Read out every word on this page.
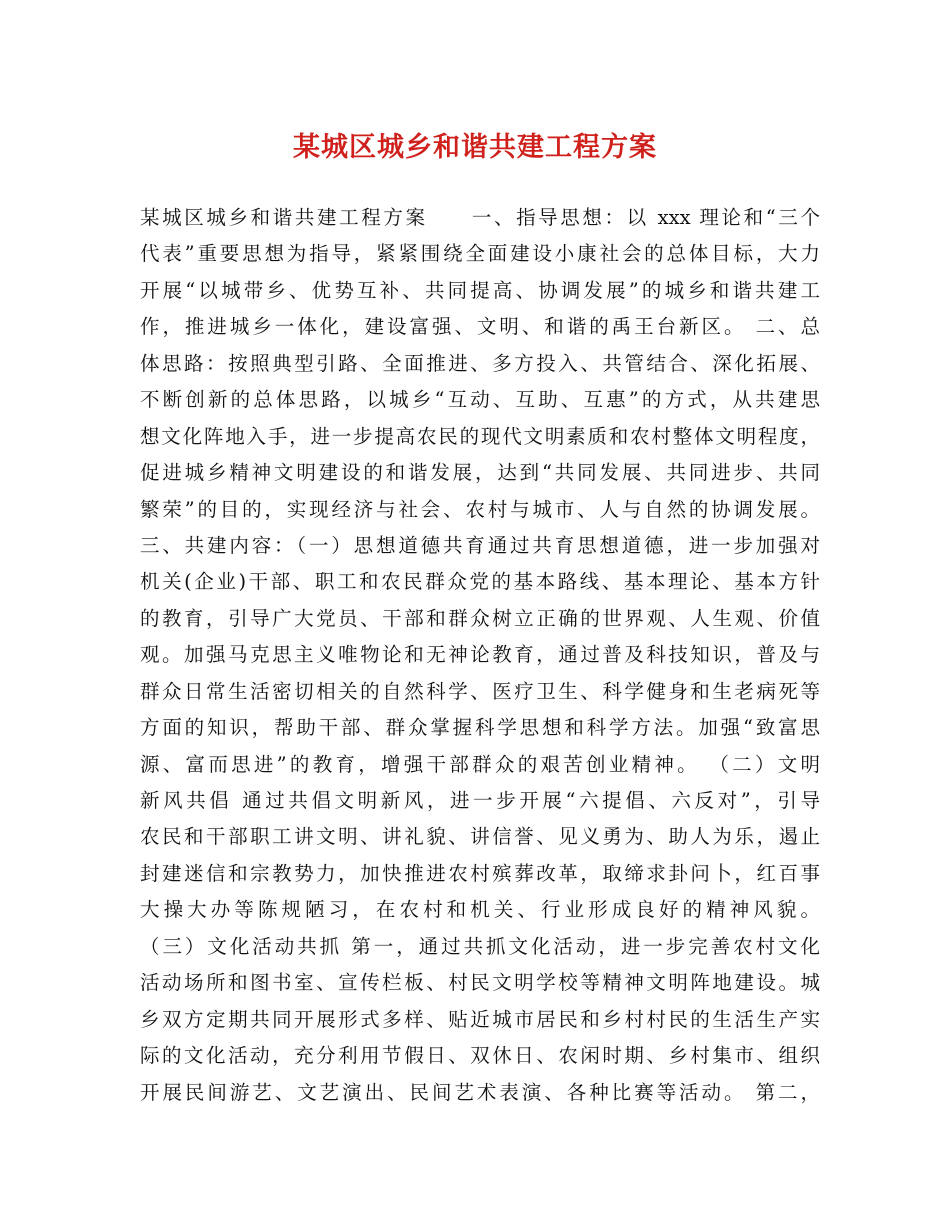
某城区城乡和谐共建工程方案
某城区城乡和谐共建工程方案　　一、指导思想：以 xxx 理论和“三个
代表”重要思想为指导，紧紧围绕全面建设小康社会的总体目标，大力
开展“以城带乡、优势互补、共同提高、协调发展”的城乡和谐共建工
作，推进城乡一体化，建设富强、文明、和谐的禹王台新区。 二、总
体思路：按照典型引路、全面推进、多方投入、共管结合、深化拓展、
不断创新的总体思路，以城乡“互动、互助、互惠”的方式，从共建思
想文化阵地入手，进一步提高农民的现代文明素质和农村整体文明程度，
促进城乡精神文明建设的和谐发展，达到“共同发展、共同进步、共同
繁荣”的目的，实现经济与社会、农村与城市、人与自然的协调发展。
三、共建内容：（一）思想道德共育通过共育思想道德，进一步加强对
机关(企业)干部、职工和农民群众党的基本路线、基本理论、基本方针
的教育，引导广大党员、干部和群众树立正确的世界观、人生观、价值
观。加强马克思主义唯物论和无神论教育，通过普及科技知识，普及与
群众日常生活密切相关的自然科学、医疗卫生、科学健身和生老病死等
方面的知识，帮助干部、群众掌握科学思想和科学方法。加强“致富思
源、富而思进”的教育，增强干部群众的艰苦创业精神。 （二）文明
新风共倡 通过共倡文明新风，进一步开展“六提倡、六反对”，引导
农民和干部职工讲文明、讲礼貌、讲信誉、见义勇为、助人为乐，遏止
封建迷信和宗教势力，加快推进农村殡葬改革，取缔求卦问卜，红百事
大操大办等陈规陋习，在农村和机关、行业形成良好的精神风貌。
（三）文化活动共抓 第一，通过共抓文化活动，进一步完善农村文化
活动场所和图书室、宣传栏板、村民文明学校等精神文明阵地建设。城
乡双方定期共同开展形式多样、贴近城市居民和乡村村民的生活生产实
际的文化活动，充分利用节假日、双休日、农闲时期、乡村集市、组织
开展民间游艺、文艺演出、民间艺术表演、各种比赛等活动。 第二，
